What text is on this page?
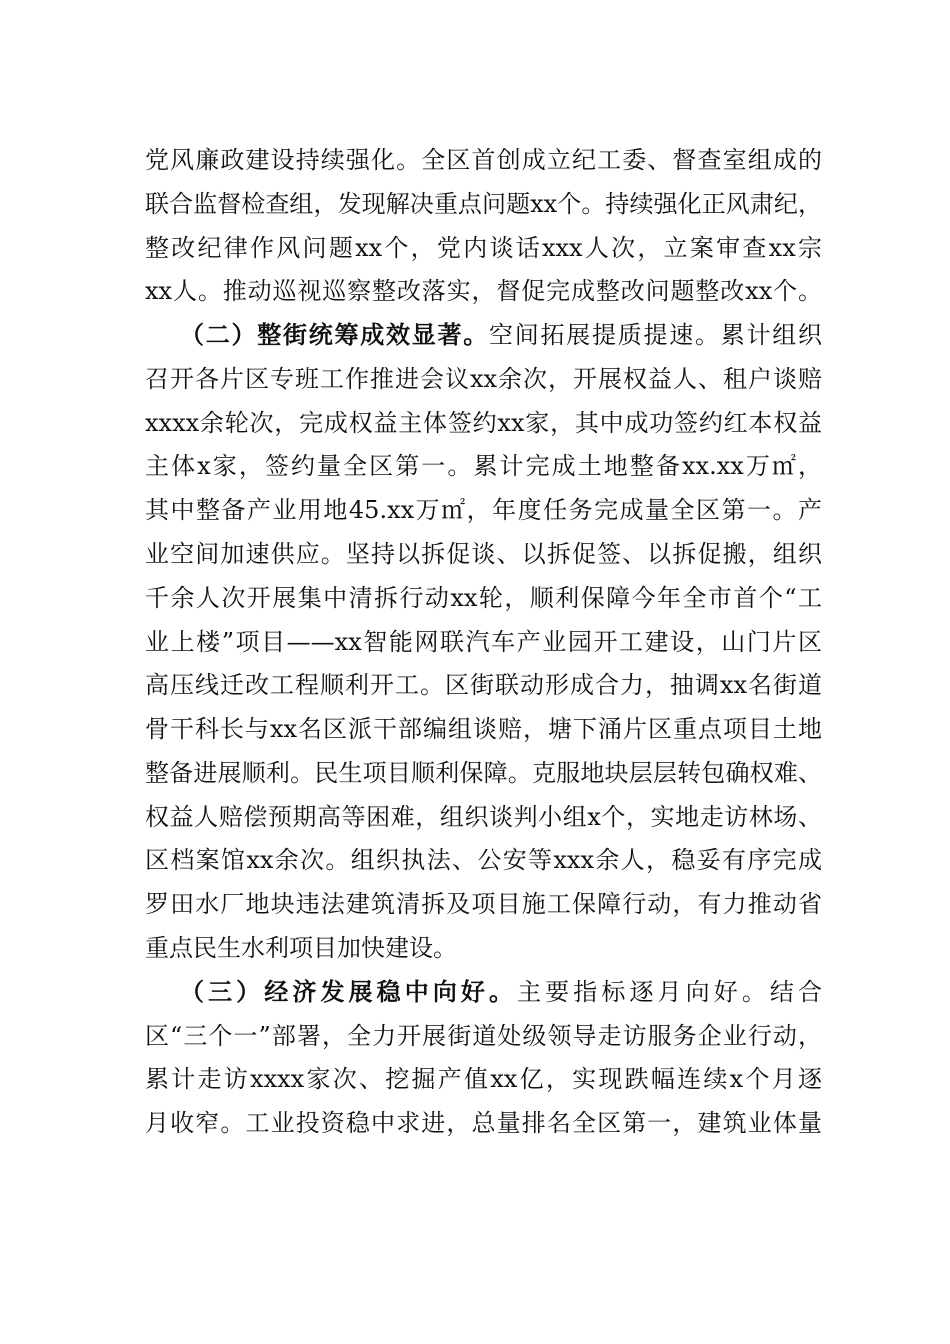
党风廉政建设持续强化。全区首创成立纪工委、督查室组成的
联合监督检查组，发现解决重点问题xx个。持续强化正风肃纪，
整改纪律作风问题xx个，党内谈话xxx人次，立案审查xx宗
xx人。推动巡视巡察整改落实，督促完成整改问题整改xx个。
（二）整街统筹成效显著。空间拓展提质提速。累计组织
召开各片区专班工作推进会议xx余次，开展权益人、租户谈赔
xxxx余轮次，完成权益主体签约xx家，其中成功签约红本权益
主体x家，签约量全区第一。累计完成土地整备xx.xx万㎡，
其中整备产业用地45.xx万㎡，年度任务完成量全区第一。产
业空间加速供应。坚持以拆促谈、以拆促签、以拆促搬，组织
千余人次开展集中清拆行动xx轮，顺利保障今年全市首个“工
业上楼”项目——xx智能网联汽车产业园开工建设，山门片区
高压线迁改工程顺利开工。区街联动形成合力，抽调xx名街道
骨干科长与xx名区派干部编组谈赔，塘下涌片区重点项目土地
整备进展顺利。民生项目顺利保障。克服地块层层转包确权难、
权益人赔偿预期高等困难，组织谈判小组x个，实地走访林场、
区档案馆xx余次。组织执法、公安等xxx余人，稳妥有序完成
罗田水厂地块违法建筑清拆及项目施工保障行动，有力推动省
重点民生水利项目加快建设。
（三）经济发展稳中向好。主要指标逐月向好。结合
区“三个一”部署，全力开展街道处级领导走访服务企业行动，
累计走访xxxx家次、挖掘产值xx亿，实现跌幅连续x个月逐
月收窄。工业投资稳中求进，总量排名全区第一，建筑业体量
